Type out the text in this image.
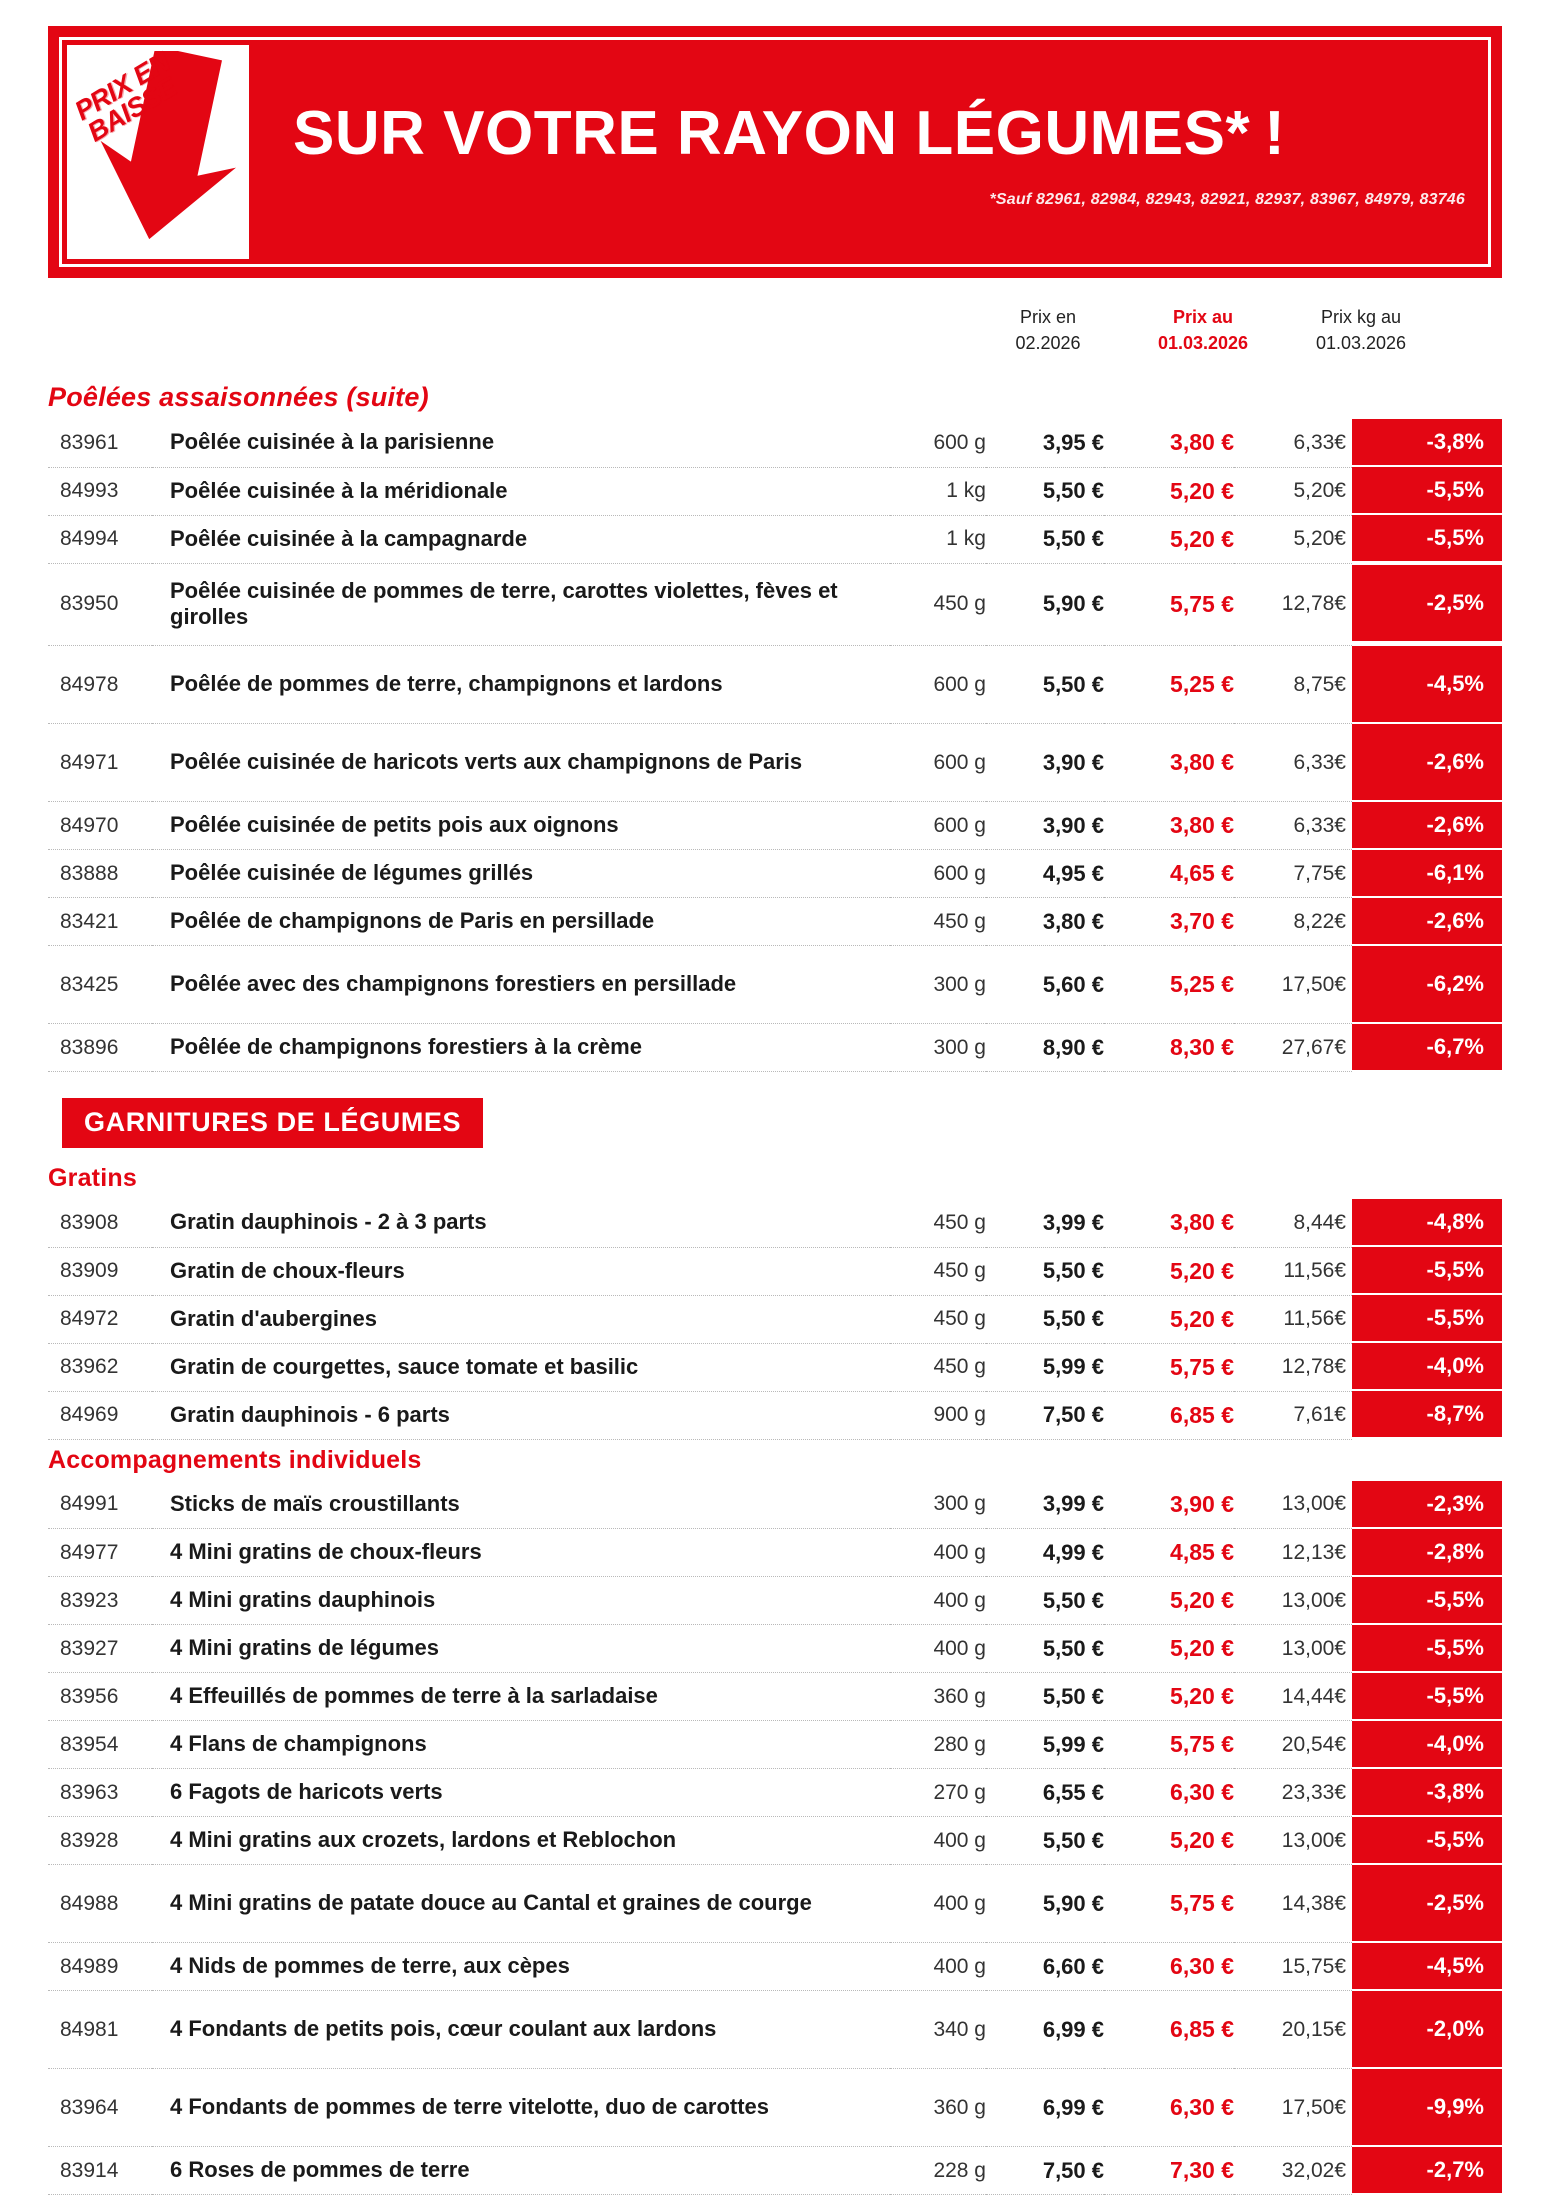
PRIX EN
BAISSE SUR VOTRE RAYON LÉGUMES* !
*Sauf 82961, 82984, 82943, 82921, 82937, 83967, 84979, 83746
Prix en
02.2026
Prix au
01.03.2026
Prix kg au
01.03.2026
Poêlées assaisonnées (suite)
83961	Poêlée cuisinée à la parisienne	600 g	3,95 €	3,80 €	6,33€	-3,8%

84993	Poêlée cuisinée à la méridionale	1 kg	5,50 €	5,20 €	5,20€	-5,5%

84994	Poêlée cuisinée à la campagnarde	1 kg	5,50 €	5,20 €	5,20€	-5,5%

83950	Poêlée cuisinée de pommes de terre, carottes violettes, fèves et girolles	450 g	5,90 €	5,75 €	12,78€	-2,5%

84978	Poêlée de pommes de terre, champignons et lardons	600 g	5,50 €	5,25 €	8,75€	-4,5%

84971	Poêlée cuisinée de haricots verts aux champignons de Paris	600 g	3,90 €	3,80 €	6,33€	-2,6%

84970	Poêlée cuisinée de petits pois aux oignons	600 g	3,90 €	3,80 €	6,33€	-2,6%

83888	Poêlée cuisinée de légumes grillés	600 g	4,95 €	4,65 €	7,75€	-6,1%

83421	Poêlée de champignons de Paris en persillade	450 g	3,80 €	3,70 €	8,22€	-2,6%

83425	Poêlée avec des champignons forestiers en persillade	300 g	5,60 €	5,25 €	17,50€	-6,2%

83896	Poêlée de champignons forestiers à la crème	300 g	8,90 €	8,30 €	27,67€	-6,7%
GARNITURES DE LÉGUMES
Gratins
83908	Gratin dauphinois - 2 à 3 parts	450 g	3,99 €	3,80 €	8,44€	-4,8%

83909	Gratin de choux-fleurs	450 g	5,50 €	5,20 €	11,56€	-5,5%

84972	Gratin d'aubergines	450 g	5,50 €	5,20 €	11,56€	-5,5%

83962	Gratin de courgettes, sauce tomate et basilic	450 g	5,99 €	5,75 €	12,78€	-4,0%

84969	Gratin dauphinois - 6 parts	900 g	7,50 €	6,85 €	7,61€	-8,7%
Accompagnements individuels
84991	Sticks de maïs croustillants	300 g	3,99 €	3,90 €	13,00€	-2,3%

84977	4 Mini gratins de choux-fleurs	400 g	4,99 €	4,85 €	12,13€	-2,8%

83923	4 Mini gratins dauphinois	400 g	5,50 €	5,20 €	13,00€	-5,5%

83927	4 Mini gratins de légumes	400 g	5,50 €	5,20 €	13,00€	-5,5%

83956	4 Effeuillés de pommes de terre à la sarladaise	360 g	5,50 €	5,20 €	14,44€	-5,5%

83954	4 Flans de champignons	280 g	5,99 €	5,75 €	20,54€	-4,0%

83963	6 Fagots de haricots verts	270 g	6,55 €	6,30 €	23,33€	-3,8%

83928	4 Mini gratins aux crozets, lardons et Reblochon	400 g	5,50 €	5,20 €	13,00€	-5,5%

84988	4 Mini gratins de patate douce au Cantal et graines de courge	400 g	5,90 €	5,75 €	14,38€	-2,5%

84989	4 Nids de pommes de terre, aux cèpes	400 g	6,60 €	6,30 €	15,75€	-4,5%

84981	4 Fondants de petits pois, cœur coulant aux lardons	340 g	6,99 €	6,85 €	20,15€	-2,0%

83964	4 Fondants de pommes de terre vitelotte, duo de carottes	360 g	6,99 €	6,30 €	17,50€	-9,9%

83914	6 Roses de pommes de terre	228 g	7,50 €	7,30 €	32,02€	-2,7%
